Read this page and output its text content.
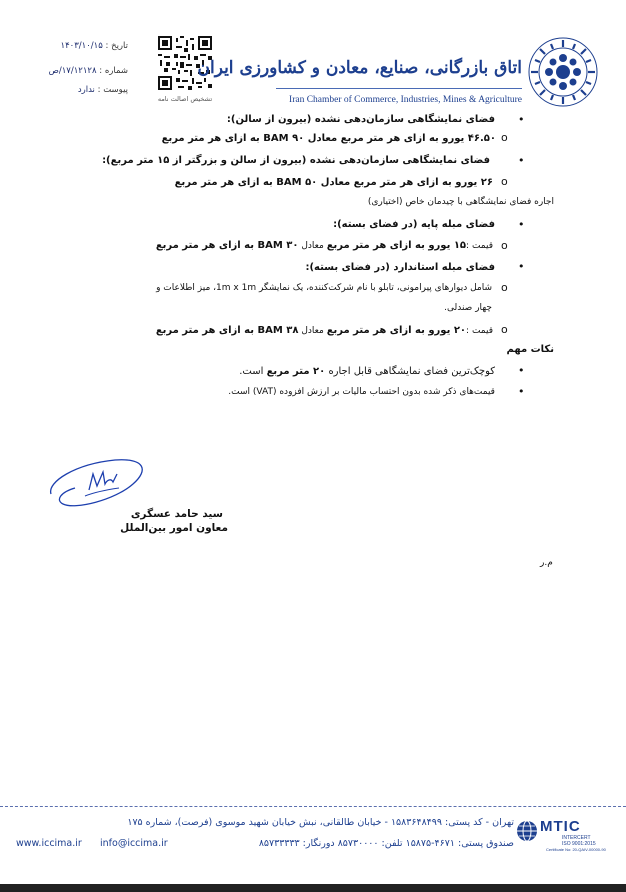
تاریخ : ۱۴۰۳/۱۰/۱۵
شماره : ۱۷/۱۲۱۲۸/ص
پیوست : ندارد
تشخیص اصالت نامه
اتاق بازرگانی، صنایع، معادن و کشاورزی ایران
Iran Chamber of Commerce, Industries, Mines & Agriculture
•
فضای نمایشگاهی سازمان‌دهی نشده (بیرون از سالن):
o
۴۶.۵۰ یورو به ازای هر متر مربع معادل ۹۰ BAM به ازای هر متر مربع
•
فضای نمایشگاهی سازمان‌دهی نشده (بیرون از سالن و بزرگتر از ۱۵ متر مربع):
o
۲۶ یورو به ازای هر متر مربع معادل ۵۰ BAM به ازای هر متر مربع
اجاره فضای نمایشگاهی با چیدمان خاص (اختیاری)
•
فضای مبله پایه (در فضای بسته):
o
قیمت :۱۵ یورو به ازای هر متر مربع معادل ۳۰ BAM به ازای هر متر مربع
•
فضای مبله استاندارد (در فضای بسته):
o
شامل دیوارهای پیرامونی، تابلو با نام شرکت‌کننده، یک نمایشگر 1m x 1m، میز اطلاعات و
چهار صندلی.
o
قیمت :۲۰ یورو به ازای هر متر مربع معادل ۳۸ BAM به ازای هر متر مربع
نکات مهم
•
کوچک‌ترین فضای نمایشگاهی قابل اجاره ۲۰ متر مربع است.
•
قیمت‌های ذکر شده بدون احتساب مالیات بر ارزش افزوده (VAT) است.
سید حامد عسگری
معاون امور بین‌الملل
م.ر
تهران - کد پستی: ۱۵۸۳۶۴۸۴۹۹ - خیابان طالقانی، نبش خیابان شهید موسوی (فرصت)، شماره ۱۷۵
www.iccima.ir info@iccima.ir	صندوق پستی: ۴۶۷۱-۱۵۸۷۵ تلفن: ۸۵۷۳۰۰۰۰ دورنگار: ۸۵۷۳۳۳۳۳
MTIC
INTERCERT
ISO 9001:2015
Certificate No: 20-QAIV-00000-90
